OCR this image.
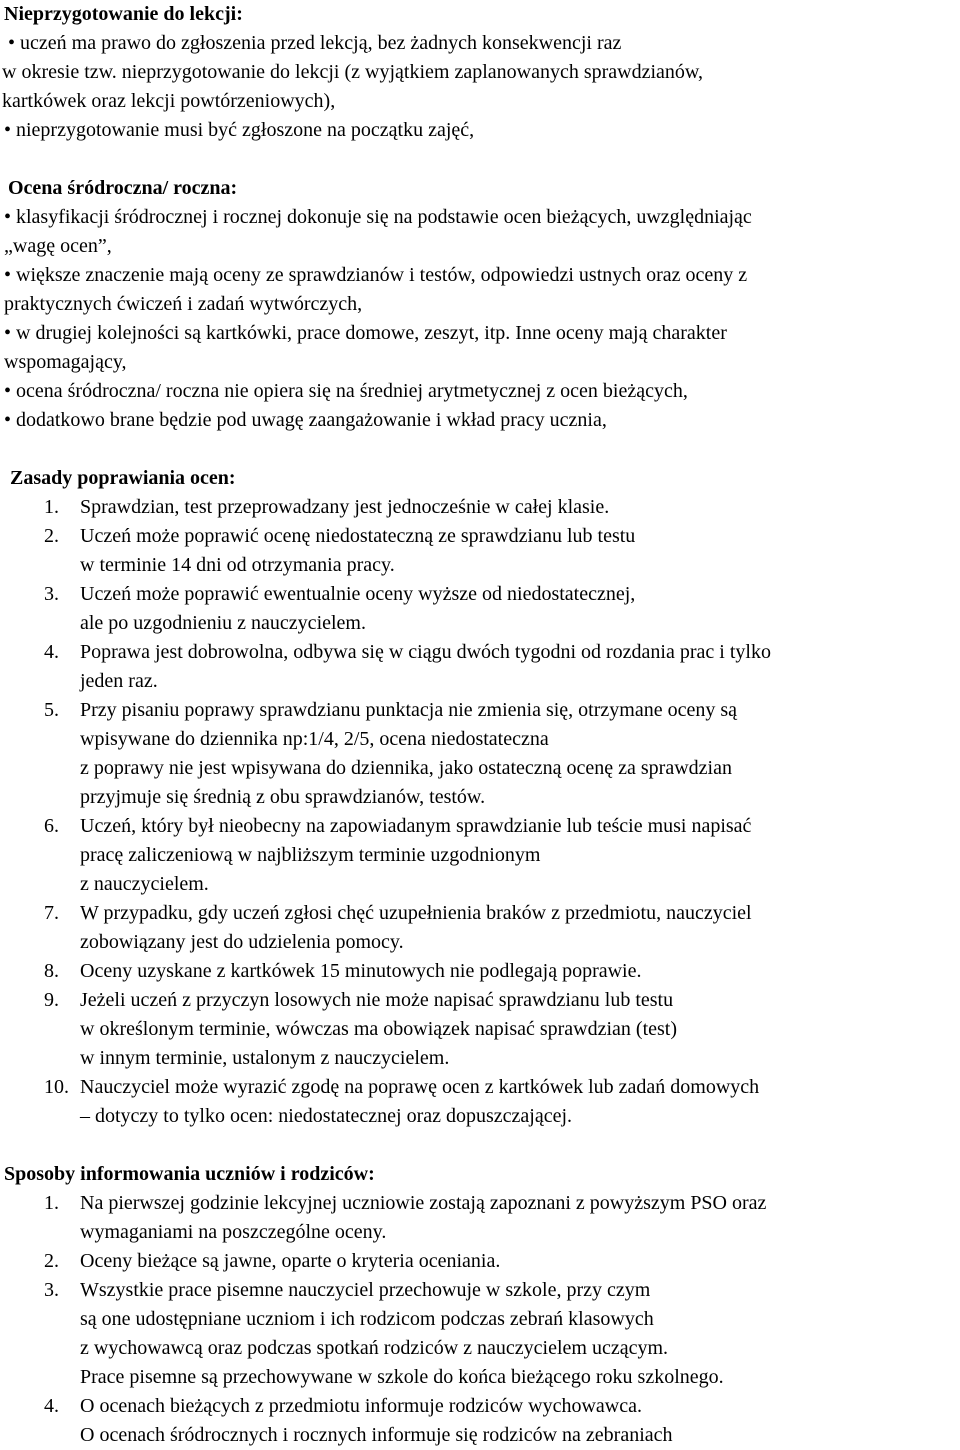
Nieprzygotowanie do lekcji:
• uczeń ma prawo do zgłoszenia przed lekcją, bez żadnych konsekwencji raz
w okresie tzw. nieprzygotowanie do lekcji (z wyjątkiem zaplanowanych sprawdzianów,
kartkówek oraz lekcji powtórzeniowych),
• nieprzygotowanie musi być zgłoszone na początku zajęć,
Ocena śródroczna/ roczna:
• klasyfikacji śródrocznej i rocznej dokonuje się na podstawie ocen bieżących, uwzględniając
„wagę ocen”,
• większe znaczenie mają oceny ze sprawdzianów i testów, odpowiedzi ustnych oraz oceny z
praktycznych ćwiczeń i zadań wytwórczych,
• w drugiej kolejności są kartkówki, prace domowe, zeszyt, itp. Inne oceny mają charakter
wspomagający,
• ocena śródroczna/ roczna nie opiera się na średniej arytmetycznej z ocen bieżących,
• dodatkowo brane będzie pod uwagę zaangażowanie i wkład pracy ucznia,
Zasady poprawiania ocen:
1. Sprawdzian, test przeprowadzany jest jednocześnie w całej klasie.
2. Uczeń może poprawić ocenę niedostateczną ze sprawdzianu lub testu
w terminie 14 dni od otrzymania pracy.
3. Uczeń może poprawić ewentualnie oceny wyższe od niedostatecznej,
ale po uzgodnieniu z nauczycielem.
4. Poprawa jest dobrowolna, odbywa się w ciągu dwóch tygodni od rozdania prac i tylko
jeden raz.
5. Przy pisaniu poprawy sprawdzianu punktacja nie zmienia się, otrzymane oceny są
wpisywane do dziennika np:1/4, 2/5, ocena niedostateczna
z poprawy nie jest wpisywana do dziennika, jako ostateczną ocenę za sprawdzian
przyjmuje się średnią z obu sprawdzianów, testów.
6. Uczeń, który był nieobecny na zapowiadanym sprawdzianie lub teście musi napisać
pracę zaliczeniową w najbliższym terminie uzgodnionym
z nauczycielem.
7. W przypadku, gdy uczeń zgłosi chęć uzupełnienia braków z przedmiotu, nauczyciel
zobowiązany jest do udzielenia pomocy.
8. Oceny uzyskane z kartkówek 15 minutowych nie podlegają poprawie.
9. Jeżeli uczeń z przyczyn losowych nie może napisać sprawdzianu lub testu
w określonym terminie, wówczas ma obowiązek napisać sprawdzian (test)
w innym terminie, ustalonym z nauczycielem.
10. Nauczyciel może wyrazić zgodę na poprawę ocen z kartkówek lub zadań domowych
– dotyczy to tylko ocen: niedostatecznej oraz dopuszczającej.
Sposoby informowania uczniów i rodziców:
1. Na pierwszej godzinie lekcyjnej uczniowie zostają zapoznani z powyższym PSO oraz
wymaganiami na poszczególne oceny.
2. Oceny bieżące są jawne, oparte o kryteria oceniania.
3. Wszystkie prace pisemne nauczyciel przechowuje w szkole, przy czym
są one udostępniane uczniom i ich rodzicom podczas zebrań klasowych
z wychowawcą oraz podczas spotkań rodziców z nauczycielem uczącym.
Prace pisemne są przechowywane w szkole do końca bieżącego roku szkolnego.
4. O ocenach bieżących z przedmiotu informuje rodziców wychowawca.
O ocenach śródrocznych i rocznych informuje się rodziców na zebraniach
